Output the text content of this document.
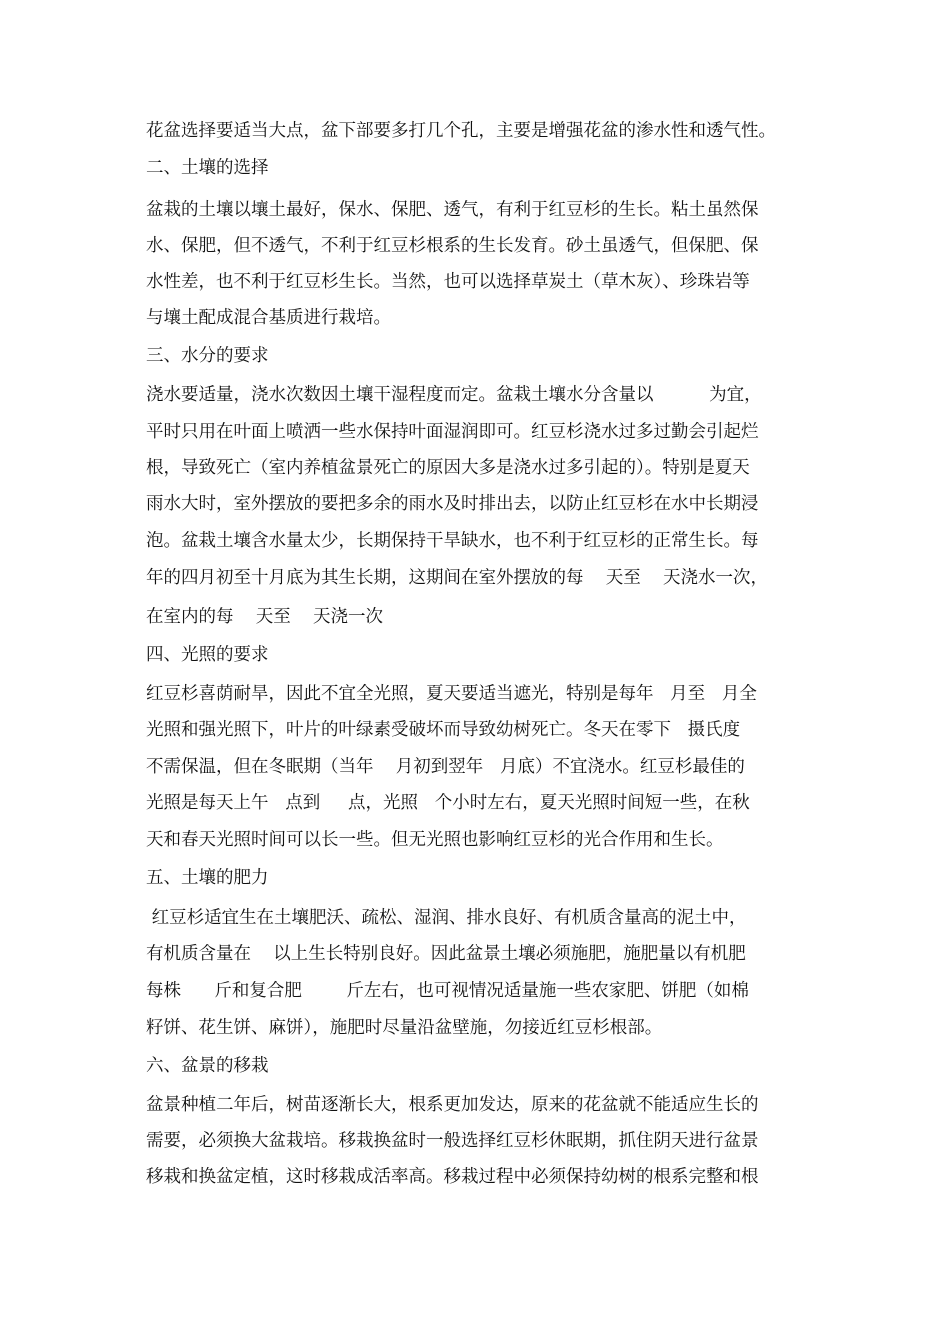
花盆选择要适当大点，盆下部要多打几个孔，主要是增强花盆的渗水性和透气性。
二、土壤的选择
盆栽的土壤以壤土最好，保水、保肥、透气，有利于红豆杉的生长。粘土虽然保
水、保肥，但不透气，不利于红豆杉根系的生长发育。砂土虽透气，但保肥、保
水性差，也不利于红豆杉生长。当然，也可以选择草炭土（草木灰）、珍珠岩等
与壤土配成混合基质进行栽培。
三、水分的要求
浇水要适量，浇水次数因土壤干湿程度而定。盆栽土壤水分含量以          为宜，
平时只用在叶面上喷洒一些水保持叶面湿润即可。红豆杉浇水过多过勤会引起烂
根，导致死亡（室内养植盆景死亡的原因大多是浇水过多引起的）。特别是夏天
雨水大时，室外摆放的要把多余的雨水及时排出去，以防止红豆杉在水中长期浸
泡。盆栽土壤含水量太少，长期保持干旱缺水，也不利于红豆杉的正常生长。每
年的四月初至十月底为其生长期，这期间在室外摆放的每    天至    天浇水一次，
在室内的每    天至    天浇一次
四、光照的要求
红豆杉喜荫耐旱，因此不宜全光照，夏天要适当遮光，特别是每年   月至   月全
光照和强光照下，叶片的叶绿素受破坏而导致幼树死亡。冬天在零下   摄氏度
不需保温，但在冬眠期（当年    月初到翌年   月底）不宜浇水。红豆杉最佳的
光照是每天上午   点到     点，光照   个小时左右，夏天光照时间短一些，在秋
天和春天光照时间可以长一些。但无光照也影响红豆杉的光合作用和生长。
五、土壤的肥力
红豆杉适宜生在土壤肥沃、疏松、湿润、排水良好、有机质含量高的泥土中，
有机质含量在    以上生长特别良好。因此盆景土壤必须施肥，施肥量以有机肥
每株      斤和复合肥        斤左右，也可视情况适量施一些农家肥、饼肥（如棉
籽饼、花生饼、麻饼），施肥时尽量沿盆壁施，勿接近红豆杉根部。
六、盆景的移栽
盆景种植二年后，树苗逐渐长大，根系更加发达，原来的花盆就不能适应生长的
需要，必须换大盆栽培。移栽换盆时一般选择红豆杉休眠期，抓住阴天进行盆景
移栽和换盆定植，这时移栽成活率高。移栽过程中必须保持幼树的根系完整和根
